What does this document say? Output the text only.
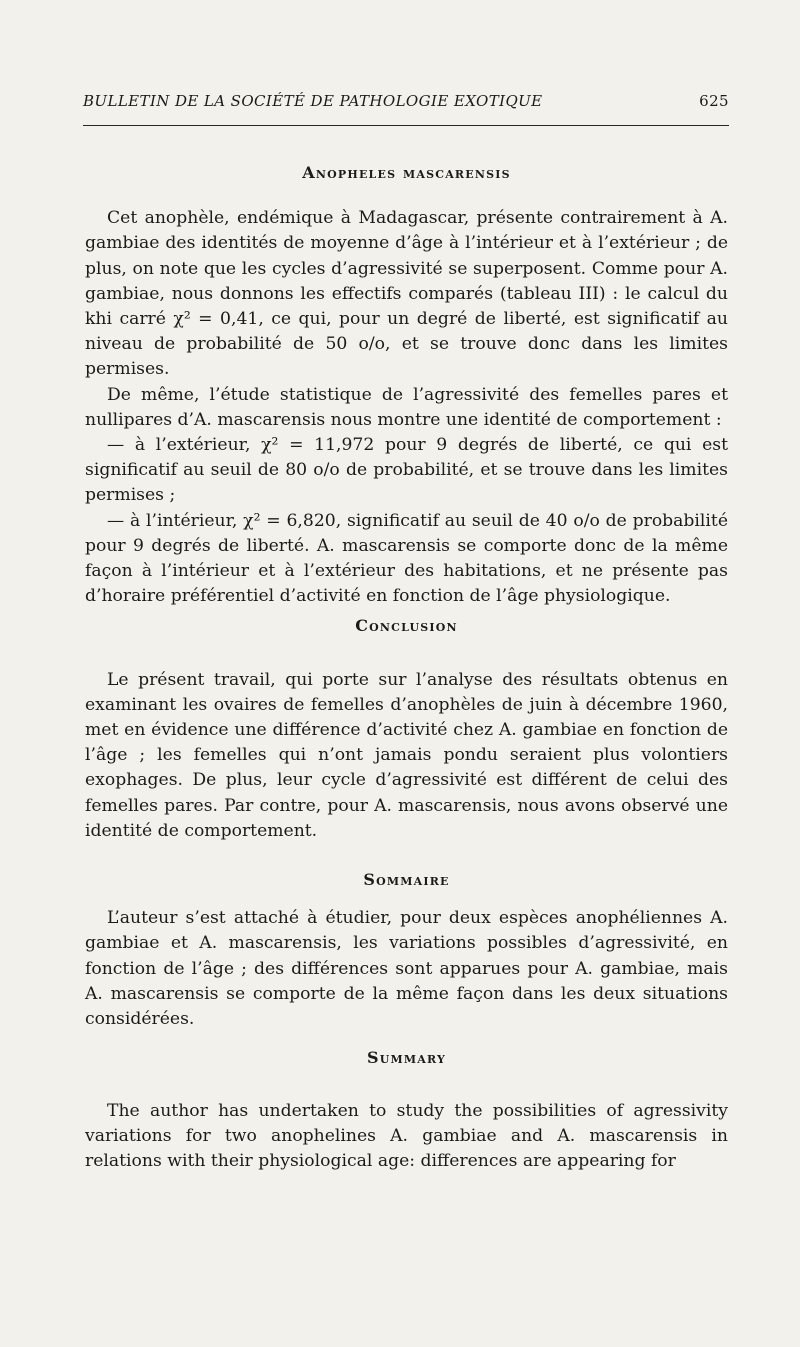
BULLETIN DE LA SOCIÉTÉ DE PATHOLOGIE EXOTIQUE	625
Anopheles mascarensis

Cet anophèle, endémique à Madagascar, présente contrairement à A. gambiae des identités de moyenne d’âge à l’intérieur et à l’extérieur ; de plus, on note que les cycles d’agressivité se superposent. Comme pour A. gambiae, nous donnons les effectifs comparés (tableau III) : le calcul du khi carré χ² = 0,41, ce qui, pour un degré de liberté, est significatif au niveau de probabilité de 50 o/o, et se trouve donc dans les limites permises.

De même, l’étude statistique de l’agressivité des femelles pares et nullipares d’A. mascarensis nous montre une identité de comportement :

— à l’extérieur, χ² = 11,972 pour 9 degrés de liberté, ce qui est significatif au seuil de 80 o/o de probabilité, et se trouve dans les limites permises ;

— à l’intérieur, χ² = 6,820, significatif au seuil de 40 o/o de probabilité pour 9 degrés de liberté. A. mascarensis se comporte donc de la même façon à l’intérieur et à l’extérieur des habitations, et ne présente pas d’horaire préférentiel d’activité en fonction de l’âge physiologique.

Conclusion

Le présent travail, qui porte sur l’analyse des résultats obtenus en examinant les ovaires de femelles d’anophèles de juin à décembre 1960, met en évidence une différence d’activité chez A. gambiae en fonction de l’âge ; les femelles qui n’ont jamais pondu seraient plus volontiers exophages. De plus, leur cycle d’agressivité est différent de celui des femelles pares. Par contre, pour A. mascarensis, nous avons observé une identité de comportement.

Sommaire

L’auteur s’est attaché à étudier, pour deux espèces anophéliennes A. gambiae et A. mascarensis, les variations possibles d’agressivité, en fonction de l’âge ; des différences sont apparues pour A. gambiae, mais A. mascarensis se comporte de la même façon dans les deux situations considérées.

Summary

The author has undertaken to study the possibilities of agressivity variations for two anophelines A. gambiae and A. mascarensis in relations with their physiological age: differences are appearing for
